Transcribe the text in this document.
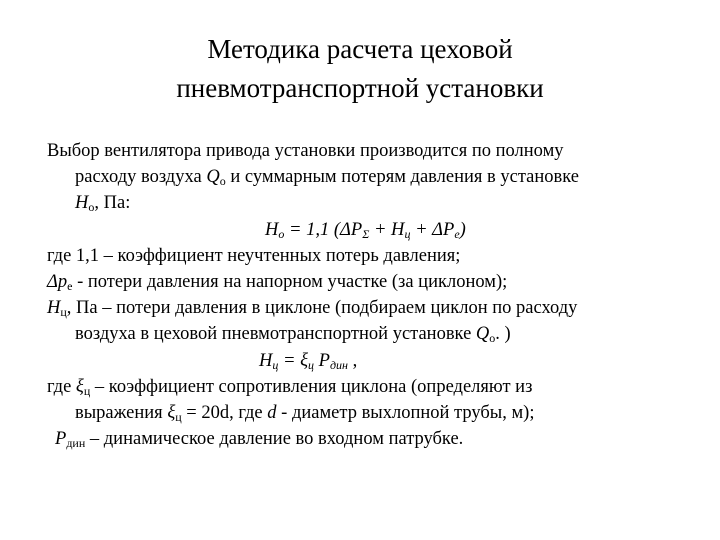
Методика расчета цеховой
пневмотранспортной установки
Выбор вентилятора привода установки производится по полному
расходу воздуха $Q_o$ и суммарным потерям давления в установке
$H_o$, Па:
$H_o = 1,1$ $(\Delta P_\Sigma + H_ц + \Delta P_e)$
где 1,1 – коэффициент неучтенных потерь давления;
$\Delta p_e$ - потери давления на напорном участке (за циклоном);
$H_ц$, Па – потери давления в циклоне (подбираем циклон по расходу
воздуха в цеховой пневмотранспортной установке $Q_o$. )
$H_ц = \xi_ц$ $P_{дин}$ ,
где $\xi_ц$ – коэффициент сопротивления циклона (определяют из
выражения $\xi_ц = 20d$, где d - диаметр выхлопной трубы, м);
$P_{дин}$ – динамическое давление во входном патрубке.
